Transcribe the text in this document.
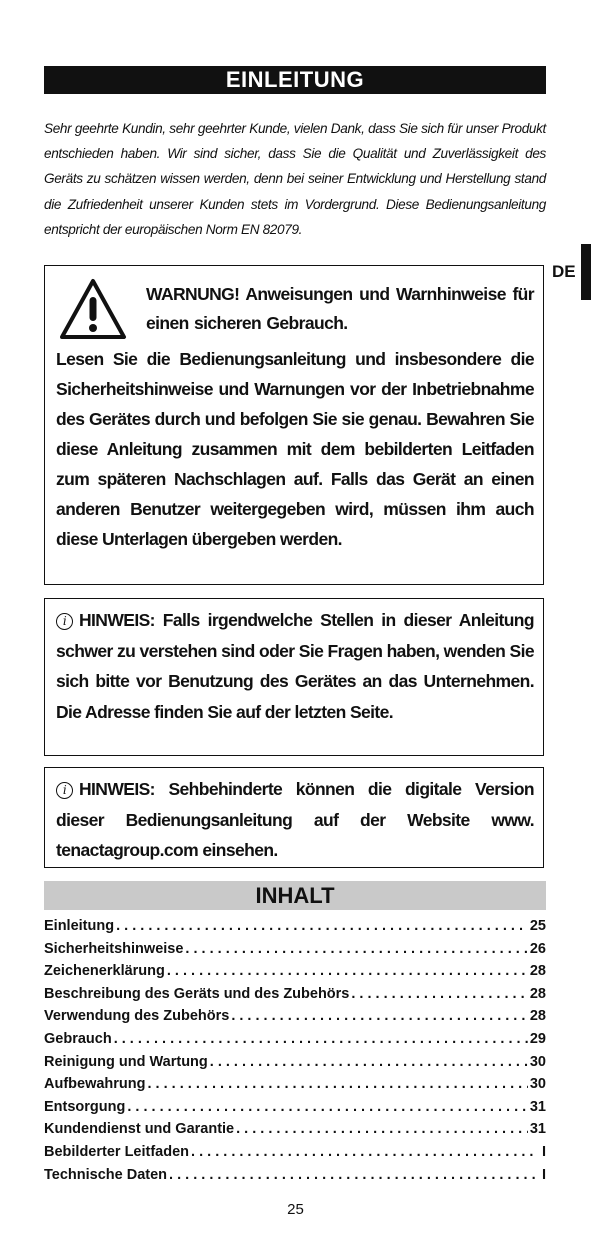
EINLEITUNG
Sehr geehrte Kundin, sehr geehrter Kunde, vielen Dank, dass Sie sich für unser Produkt entschieden haben. Wir sind sicher, dass Sie die Qualität und Zuverlässigkeit des Geräts zu schätzen wissen werden, denn bei seiner Entwicklung und Herstellung stand die Zufriedenheit unserer Kunden stets im Vordergrund. Diese Bedienungsanleitung entspricht der europäischen Norm EN 82079.
DE
WARNUNG! Anweisungen und Warnhinweise für einen sicheren Gebrauch.
Lesen Sie die Bedienungsanleitung und insbesondere die Sicherheitshinweise und Warnungen vor der Inbetriebnahme des Gerätes durch und befolgen Sie sie genau. Bewahren Sie diese Anleitung zusammen mit dem bebilderten Leitfaden zum späteren Nachschlagen auf. Falls das Gerät an einen anderen Benutzer weitergegeben wird, müssen ihm auch diese Unterlagen übergeben werden.
i HINWEIS: Falls irgendwelche Stellen in dieser Anleitung schwer zu verstehen sind oder Sie Fragen haben, wenden Sie sich bitte vor Benutzung des Gerätes an das Unternehmen. Die Adresse finden Sie auf der letzten Seite.
i HINWEIS: Sehbehinderte können die digitale Version dieser Bedienungsanleitung auf der Website www. tenactagroup.com einsehen.
INHALT
Einleitung . . .	25
Sicherheitshinweise . . .	26
Zeichenerklärung . . .	28
Beschreibung des Geräts und des Zubehörs . . .	28
Verwendung des Zubehörs . . .	28
Gebrauch . . .	29
Reinigung und Wartung . . .	30
Aufbewahrung . . .	30
Entsorgung . . .	31
Kundendienst und Garantie . . .	31
Bebilderter Leitfaden . . .	I
Technische Daten . . .	I
25
